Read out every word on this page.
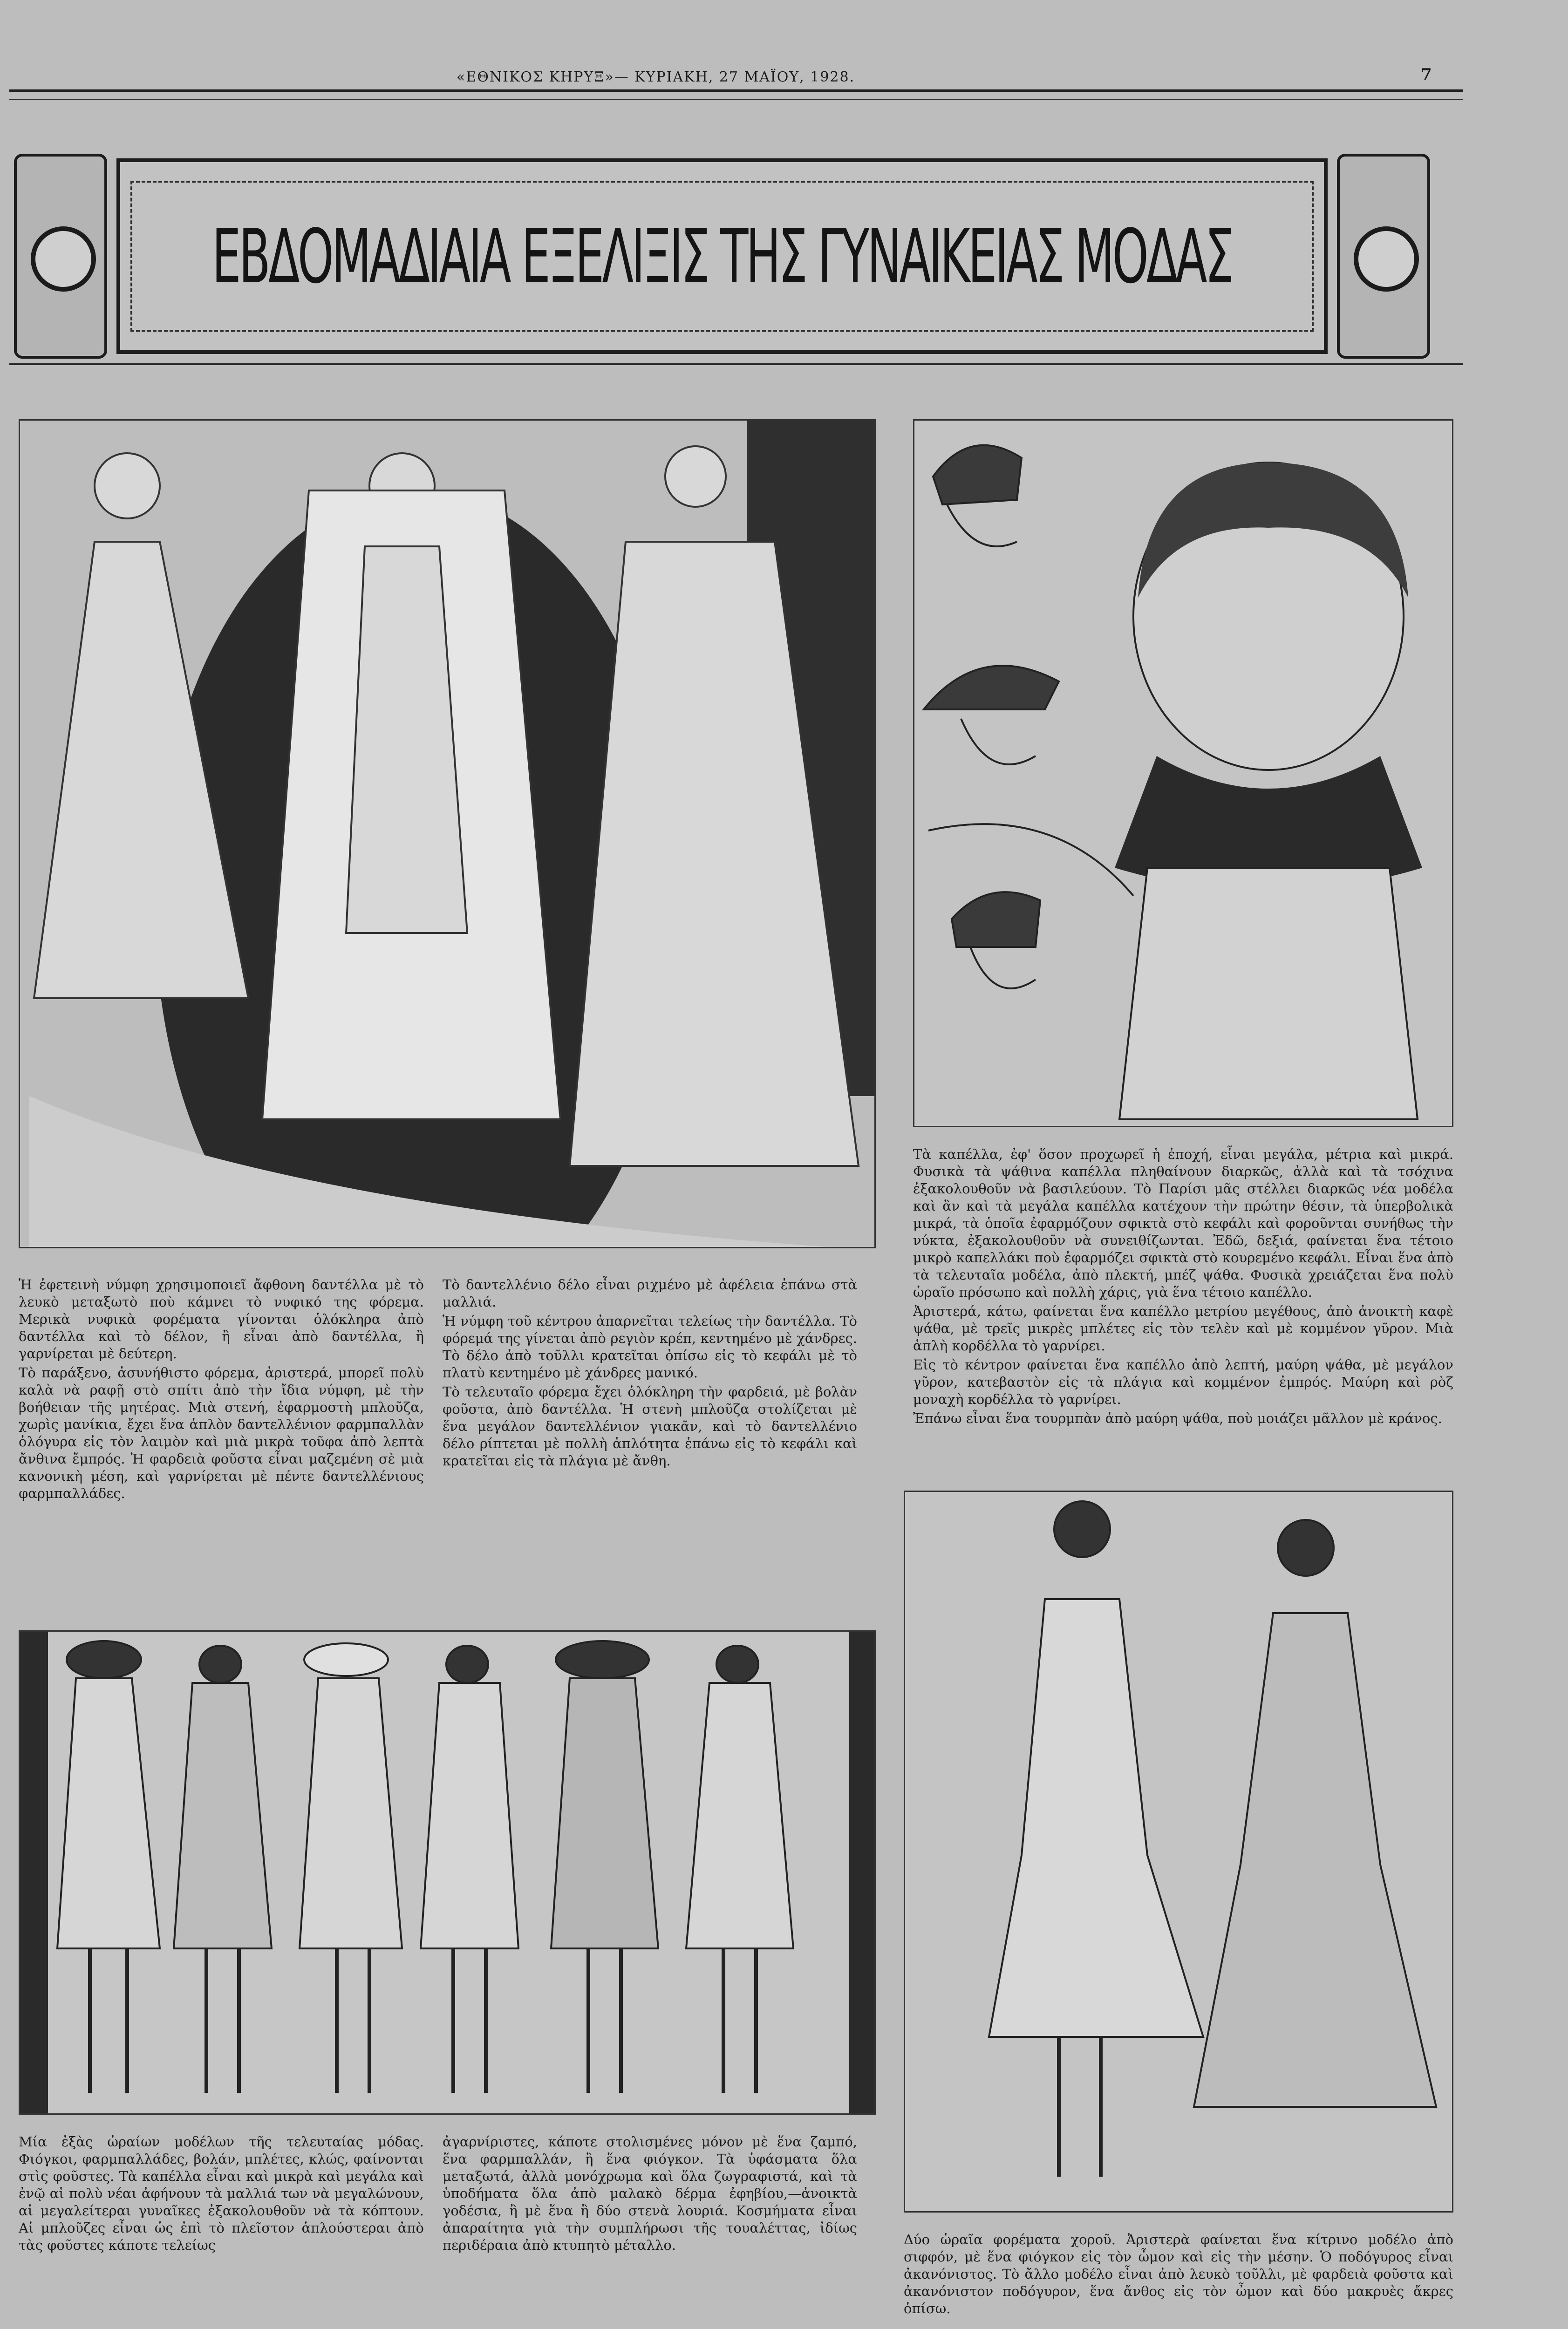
«ΕΘΝΙΚΟΣ ΚΗΡΥΞ»— ΚΥΡΙΑΚΗ, 27 ΜΑΪΟΥ, 1928.	7
ΕΒΔΟΜΑΔΙΑΙΑ ΕΞΕΛΙΞΙΣ ΤΗΣ ΓΥΝΑΙΚΕΙΑΣ ΜΟΔΑΣ

Ἡ ἐφετεινὴ νύμφη χρησιμοποιεῖ ἄφθονη δαντέλλα μὲ τὸ λευκὸ μεταξωτὸ ποὺ κάμνει τὸ νυφικό της φόρεμα. Μερικὰ νυφικὰ φορέματα γίνονται ὁλόκληρα ἀπὸ δαντέλλα καὶ τὸ δέλον, ἢ εἶναι ἀπὸ δαντέλλα, ἢ γαρνίρεται μὲ δεύτερη.

Τὸ παράξενο, ἀσυνήθιστο φόρεμα, ἀριστερά, μπορεῖ πολὺ καλὰ νὰ ραφῇ στὸ σπίτι ἀπὸ τὴν ἴδια νύμφη, μὲ τὴν βοήθειαν τῆς μητέρας. Μιὰ στενή, ἐφαρμοστὴ μπλοῦζα, χωρὶς μανίκια, ἔχει ἕνα ἁπλὸν δαντελλένιον φαρμπαλλὰν ὁλόγυρα εἰς τὸν λαιμὸν καὶ μιὰ μικρὰ τοῦφα ἀπὸ λεπτὰ ἄνθινα ἔμπρός. Ἡ φαρδειὰ φοῦστα εἶναι μαζεμένη σὲ μιὰ κανονικὴ μέση, καὶ γαρνίρεται μὲ πέντε δαντελλένιους φαρμπαλλάδες.

Τὸ δαντελλένιο δέλο εἶναι ριχμένο μὲ ἀφέλεια ἐπάνω στὰ μαλλιά.

Ἡ νύμφη τοῦ κέντρου ἀπαρνεῖται τελείως τὴν δαντέλλα. Τὸ φόρεμά της γίνεται ἀπὸ ρεγιὸν κρέπ, κεντημένο μὲ χάνδρες. Τὸ δέλο ἀπὸ τοῦλλι κρατεῖται ὀπίσω εἰς τὸ κεφάλι μὲ τὸ πλατὺ κεντημένο μὲ χάνδρες μανικό.

Τὸ τελευταῖο φόρεμα ἔχει ὁλόκληρη τὴν φαρδειά, μὲ βολὰν φοῦστα, ἀπὸ δαντέλλα. Ἡ στενὴ μπλοῦζα στολίζεται μὲ ἕνα μεγάλον δαντελλένιον γιακᾶν, καὶ τὸ δαντελλένιο δέλο ρίπτεται μὲ πολλὴ ἁπλότητα ἐπάνω εἰς τὸ κεφάλι καὶ κρατεῖται εἰς τὰ πλάγια μὲ ἄνθη.

Τὰ καπέλλα, ἐφ' ὅσον προχωρεῖ ἡ ἐποχή, εἶναι μεγάλα, μέτρια καὶ μικρά. Φυσικὰ τὰ ψάθινα καπέλλα πληθαίνουν διαρκῶς, ἀλλὰ καὶ τὰ τσόχινα ἐξακολουθοῦν νὰ βασιλεύουν. Τὸ Παρίσι μᾶς στέλλει διαρκῶς νέα μοδέλα καὶ ἂν καὶ τὰ μεγάλα καπέλλα κατέχουν τὴν πρώτην θέσιν, τὰ ὑπερβολικὰ μικρά, τὰ ὁποῖα ἐφαρμόζουν σφικτὰ στὸ κεφάλι καὶ φοροῦνται συνήθως τὴν νύκτα, ἐξακολουθοῦν νὰ συνειθίζωνται. Ἐδῶ, δεξιά, φαίνεται ἕνα τέτοιο μικρὸ καπελλάκι ποὺ ἐφαρμόζει σφικτὰ στὸ κουρεμένο κεφάλι. Εἶναι ἕνα ἀπὸ τὰ τελευταῖα μοδέλα, ἀπὸ πλεκτή, μπέζ ψάθα. Φυσικὰ χρειάζεται ἕνα πολὺ ὡραῖο πρόσωπο καὶ πολλὴ χάρις, γιὰ ἕνα τέτοιο καπέλλο.

Ἀριστερά, κάτω, φαίνεται ἕνα καπέλλο μετρίου μεγέθους, ἀπὸ ἀνοικτὴ καφὲ ψάθα, μὲ τρεῖς μικρὲς μπλέτες εἰς τὸν τελὲν καὶ μὲ κομμένον γῦρον. Μιὰ ἁπλὴ κορδέλλα τὸ γαρνίρει.

Εἰς τὸ κέντρον φαίνεται ἕνα καπέλλο ἀπὸ λεπτή, μαύρη ψάθα, μὲ μεγάλον γῦρον, κατεβαστὸν εἰς τὰ πλάγια καὶ κομμένον ἐμπρός. Μαύρη καὶ ρὸζ μοναχὴ κορδέλλα τὸ γαρνίρει.

Ἐπάνω εἶναι ἕνα τουρμπὰν ἀπὸ μαύρη ψάθα, ποὺ μοιάζει μᾶλλον μὲ κράνος.

Μία ἐξὰς ὡραίων μοδέλων τῆς τελευταίας μόδας. Φιόγκοι, φαρμπαλλάδες, βολάν, μπλέτες, κλώς, φαίνονται στὶς φοῦστες. Τὰ καπέλλα εἶναι καὶ μικρὰ καὶ μεγάλα καὶ ἐνῷ αἱ πολὺ νέαι ἀφήνουν τὰ μαλλιά των νὰ μεγαλώνουν, αἱ μεγαλείτεραι γυναῖκες ἐξακολουθοῦν νὰ τὰ κόπτουν. Αἱ μπλοῦζες εἶναι ὡς ἐπὶ τὸ πλεῖστον ἁπλούστεραι ἀπὸ τὰς φοῦστες κάποτε τελείως
ἀγαρνίριστες, κάποτε στολισμένες μόνον μὲ ἕνα ζαμπό, ἕνα φαρμπαλλάν, ἢ ἕνα φιόγκον. Τὰ ὑφάσματα ὅλα μεταξωτά, ἀλλὰ μονόχρωμα καὶ ὅλα ζωγραφιστά, καὶ τὰ ὑποδήματα ὅλα ἀπὸ μαλακὸ δέρμα ἐφηβίου,—ἀνοικτὰ γοδέσια, ἢ μὲ ἕνα ἢ δύο στενὰ λουριά. Κοσμήματα εἶναι ἀπαραίτητα γιὰ τὴν συμπλήρωσι τῆς τουαλέττας, ἰδίως περιδέραια ἀπὸ κτυπητὸ μέταλλο.	Δύο ὡραῖα φορέματα χοροῦ. Ἀριστερὰ φαίνεται ἕνα κίτρινο μοδέλο ἀπὸ σιφφόν, μὲ ἕνα φιόγκον εἰς τὸν ὦμον καὶ εἰς τὴν μέσην. Ὁ ποδόγυρος εἶναι ἀκανόνιστος. Τὸ ἄλλο μοδέλο εἶναι ἀπὸ λευκὸ τοῦλλι, μὲ φαρδειὰ φοῦστα καὶ ἀκανόνιστον ποδόγυρον, ἕνα ἄνθος εἰς τὸν ὦμον καὶ δύο μακρυὲς ἄκρες ὀπίσω.
